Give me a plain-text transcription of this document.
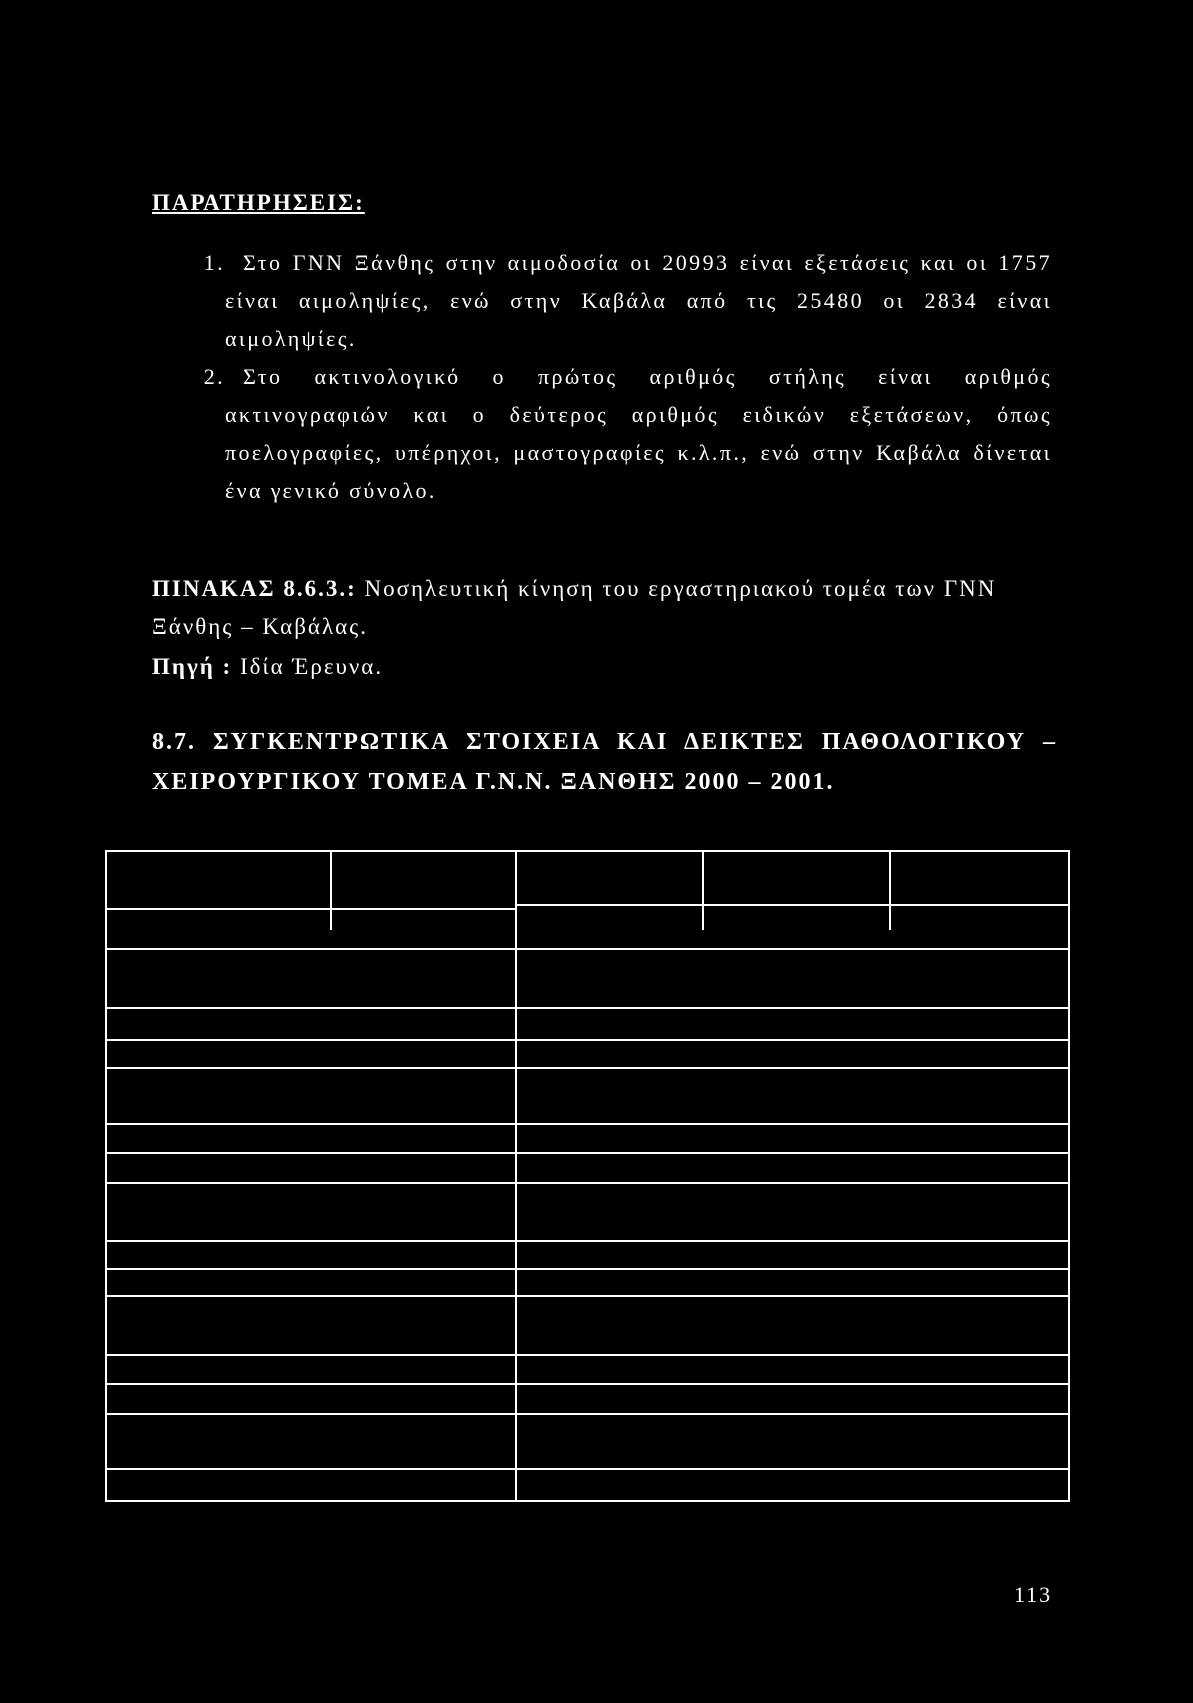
ΠΑΡΑΤΗΡΗΣΕΙΣ:

1. Στο ΓΝΝ Ξάνθης στην αιμοδοσία οι 20993 είναι εξετάσεις και οι 1757 είναι αιμοληψίες, ενώ στην Καβάλα από τις 25480 οι 2834 είναι αιμοληψίες.
2. Στο ακτινολογικό ο πρώτος αριθμός στήλης είναι αριθμός ακτινογραφιών και ο δεύτερος αριθμός ειδικών εξετάσεων, όπως ποελογραφίες, υπέρηχοι, μαστογραφίες κ.λ.π., ενώ στην Καβάλα δίνεται ένα γενικό σύνολο.

ΠΙΝΑΚΑΣ 8.6.3.: Νοσηλευτική κίνηση του εργαστηριακού τομέα των ΓΝΝ Ξάνθης – Καβάλας.

Πηγή : Ιδία Έρευνα.

8.7. ΣΥΓΚΕΝΤΡΩΤΙΚΑ ΣΤΟΙΧΕΙΑ ΚΑΙ ΔΕΙΚΤΕΣ ΠΑΘΟΛΟΓΙΚΟΥ – ΧΕΙΡΟΥΡΓΙΚΟΥ ΤΟΜΕΑ Γ.Ν.Ν. ΞΑΝΘΗΣ 2000 – 2001.

113
